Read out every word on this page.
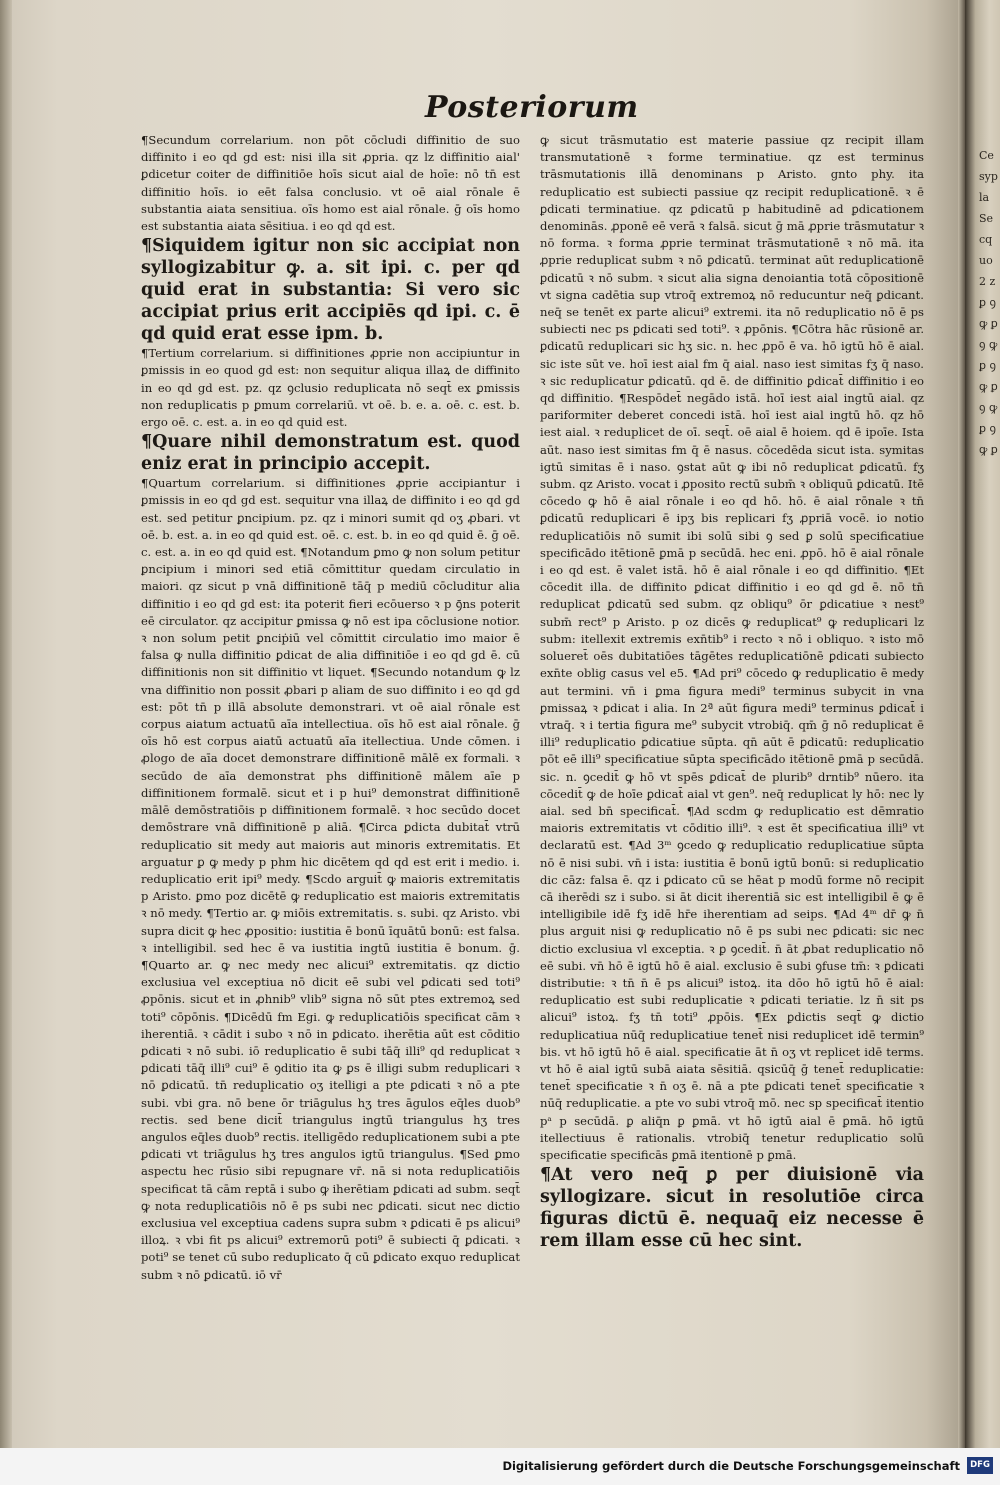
Posteriorum

¶Secundum correlarium. non pōt cōcludi diffinitio de suo diffinito i eo qd gd est: nisi illa sit ꝓpria. qz lz diffinitio aial' ꝑdicetur coiter de diffinitiōe hoīs sicut aial de hoīe: nō tn̄ est diffinitio hoīs. io eēt falsa conclusio. vt oē aial rōnale ē substantia aiata sensitiua. oīs homo est aial rōnale. ḡ oīs homo est substantia aiata sēsitiua. i eo qd qd est.

¶Siquidem igitur non sic accipiat non syllogizabitur ꝙ. a. sit ipi. c. per qd quid erat in substantia: Si vero sic accipiat prius erit accipiēs qd ipi. c. ē qd quid erat esse ipm. b.

¶Tertium correlarium. si diffinitiones ꝓprie non accipiuntur in ꝑmissis in eo quod gd est: non sequitur aliqua illaꝝ de diffinito in eo qd gd est. pz. qz ꝯclusio reduplicata nō seqt̄ ex ꝑmissis non reduplicatis p ꝑmum correlariū. vt oē. b. e. a. oē. c. est. b. ergo oē. c. est. a. in eo qd quid est.

¶Quare nihil demonstratum est. quod eniz erat in principio accepit.

¶Quartum correlarium. si diffinitiones ꝓprie accipiantur i ꝑmissis in eo qd gd est. sequitur vna illaꝝ de diffinito i eo qd gd est. sed petitur ꝑncipium. pz. qz i minori sumit qd oʒ ꝓbari. vt oē. b. est. a. in eo qd quid est. oē. c. est. b. in eo qd quid ē. ḡ oē. c. est. a. in eo qd quid est. ¶Notandum ꝑmo ꝙ non solum petitur ꝑncipium i minori sed etiā cōmittitur quedam circulatio in maiori. qz sicut p vnā diffinitionē tāq̄ p mediū cōcluditur alia diffinitio i eo qd gd est: ita poterit fieri ecōuerso ꝛ p ꝯ̄ns poterit eē circulator. qz accipitur ꝑmissa ꝙ nō est ipa cōclusione notior. ꝛ non solum petit ꝑnciṗiū vel cōmittit circulatio imo maior ē falsa ꝙ nulla diffinitio ꝑdicat de alia diffinitiōe i eo qd gd ē. cū diffinitionis non sit diffinitio vt liquet. ¶Secundo notandum ꝙ lz vna diffinitio non possit ꝓbari p aliam de suo diffinito i eo qd gd est: pōt tn̄ p illā absolute demonstrari. vt oē aial rōnale est corpus aiatum actuatū aīa intellectiua. oīs hō est aial rōnale. ḡ oīs hō est corpus aiatū actuatū aīa itellectiua. Unde cōmen. i ꝓlogo de aīa docet demonstrare diffinitionē mālē ex formali. ꝛ secūdo de aīa demonstrat phs diffinitionē mālem aīe p diffinitionem formalē. sicut et i p hui⁹ demonstrat diffinitionē mālē demōstratiōis p diffinitionem formalē. ꝛ hoc secūdo docet demōstrare vnā diffinitionē p aliā. ¶Circa ꝑdicta dubitat̄ vtrū reduplicatio sit medy aut maioris aut minoris extremitatis. Et arguatur ꝑ ꝙ medy p phm hic dicētem qd qd est erit i medio. i. reduplicatio erit ipi⁹ medy. ¶Scdo arguit̄ ꝙ maioris extremitatis p Aristo. ꝑmo poz dicētē ꝙ reduplicatio est maioris extremitatis ꝛ nō medy. ¶Tertio ar. ꝙ miōis extremitatis. s. subi. qz Aristo. vbi supra dicit ꝙ hec ꝓpositio: iustitia ē bonū īquātū bonū: est falsa. ꝛ intelligibil. sed hec ē va iustitia ingtū iustitia ē bonum. ḡ. ¶Quarto ar. ꝙ nec medy nec alicui⁹ extremitatis. qz dictio exclusiua vel exceptiua nō dicit eē subi vel ꝑdicati sed toti⁹ ꝓpōnis. sicut et in ꝓhnib⁹ vlib⁹ signa nō sūt ptes extremoꝝ sed toti⁹ cōpōnis. ¶Dicēdū fm Egi. ꝙ reduplicatiōis specificat cām ꝛ iherentiā. ꝛ cādit i subo ꝛ nō in ꝑdicato. iherētia aūt est cōditio ꝑdicati ꝛ nō subi. iō reduplicatio ē subi tāq̄ illi⁹ qd reduplicat ꝛ ꝑdicati tāq̄ illi⁹ cui⁹ ē ꝯditio ita ꝙ ꝑs ē illigi subm reduplicari ꝛ nō ꝑdicatū. tn̄ reduplicatio oʒ itelligi a pte ꝑdicati ꝛ nō a pte subi. vbi gra. nō bene ōr triāgulus hʒ tres āgulos eq̄les duob⁹ rectis. sed bene dicit̄ triangulus ingtū triangulus hʒ tres angulos eq̄les duob⁹ rectis. itelligēdo reduplicationem subi a pte ꝑdicati vt triāgulus hʒ tres angulos igtū triangulus. ¶Sed ꝑmo aspectu hec rūsio sibi repugnare vr̄. nā si nota reduplicatiōis specificat tā cām reptā i subo ꝙ iherētiam ꝑdicati ad subm. seqt̄ ꝙ nota reduplicatiōis nō ē ps subi nec ꝑdicati. sicut nec dictio exclusiua vel exceptiua cadens supra subm ꝛ ꝑdicati ē ps alicui⁹ illoꝝ. ꝛ vbi fit ps alicui⁹ extremorū poti⁹ ē subiecti q̄ ꝑdicati. ꝛ poti⁹ se tenet cū subo reduplicato q̄ cū ꝑdicato exquo reduplicat subm ꝛ nō ꝑdicatū. iō vr̄

ꝙ sicut trāsmutatio est materie passiue qz recipit illam transmutationē ꝛ forme terminatiue. qz est terminus trāsmutationis illā denominans p Aristo. gnto phy. ita reduplicatio est subiecti passiue qz recipit reduplicationē. ꝛ ē ꝑdicati terminatiue. qz ꝑdicatū p habitudinē ad ꝑdicationem denominās. ꝓponē eē verā ꝛ falsā. sicut ḡ mā ꝓprie trāsmutatur ꝛ nō forma. ꝛ forma ꝓprie terminat trāsmutationē ꝛ nō mā. ita ꝓprie reduplicat subm ꝛ nō ꝑdicatū. terminat aūt reduplicationē ꝑdicatū ꝛ nō subm. ꝛ sicut alia signa denoiantia totā cōpositionē vt signa cadētia sup vtroq̄ extremoꝝ nō reducuntur neq̄ ꝑdicant. neq̄ se tenēt ex parte alicui⁹ extremi. ita nō reduplicatio nō ē ps subiecti nec ps ꝑdicati sed toti⁹. ꝛ ꝓpōnis. ¶Cōtra hāc rūsionē ar. ꝑdicatū reduplicari sic hʒ sic. n. hec ꝓpō ē va. hō igtū hō ē aial. sic iste sūt ve. hoī iest aial fm q̄ aial. naso iest simitas fʒ q̄ naso. ꝛ sic reduplicatur ꝑdicatū. qd ē. de diffinitio ꝑdicat̄ diffinitio i eo qd diffinitio. ¶Respōdet̄ negādo istā. hoī iest aial ingtū aial. qz pariformiter deberet concedi istā. hoī iest aial ingtū hō. qz hō iest aial. ꝛ reduplicet de oī. seqt̄. oē aial ē hoiem. qd ē ipoīe. Ista aūt. naso iest simitas fm q̄ ē nasus. cōcedēda sicut ista. symitas igtū simitas ē i naso. ꝯstat aūt ꝙ ibi nō reduplicat ꝑdicatū. fʒ subm. qz Aristo. vocat i ꝓposito rectū subm̄ ꝛ obliquū ꝑdicatū. Itē cōcedo ꝙ hō ē aial rōnale i eo qd hō. hō. ē aial rōnale ꝛ tn̄ ꝑdicatū reduplicari ē ipʒ bis replicari fʒ ꝓpriā vocē. io notio reduplicatiōis nō sumit ibi solū sibi ꝯ sed ꝑ solū specificatiue specificādo itētionē ꝑmā p secūdā. hec eni. ꝓpō. hō ē aial rōnale i eo qd est. ē valet istā. hō ē aial rōnale i eo qd diffinitio. ¶Et cōcedit illa. de diffinito ꝑdicat diffinitio i eo qd gd ē. nō tn̄ reduplicat ꝑdicatū sed subm. qz obliqu⁹ ōr ꝑdicatiue ꝛ nest⁹ subm̄ rect⁹ p Aristo. p oz dicēs ꝙ reduplicat⁹ ꝙ reduplicari lz subm: itellexit extremis exn̄tib⁹ i recto ꝛ nō i obliquo. ꝛ isto mō solueret̄ oēs dubitatiōes tāgētes reduplicatiōnē ꝑdicati subiecto exn̄te oblig casus vel e5. ¶Ad pri⁹ cōcedo ꝙ reduplicatio ē medy aut termini. vn̄ i ꝑma figura medi⁹ terminus subycit in vna ꝑmissaꝝ ꝛ ꝑdicat i alia. In 2ª aūt figura medi⁹ terminus ꝑdicat̄ i vtraq̄. ꝛ i tertia figura me⁹ subycit vtrobiq̄. qm̄ ḡ nō reduplicat ē illi⁹ reduplicatio ꝑdicatiue sūpta. qn̄ aūt ē ꝑdicatū: reduplicatio pōt eē illi⁹ specificatiue sūpta specificādo itētionē ꝑmā p secūdā. sic. n. ꝯcedit̄ ꝙ hō vt spēs ꝑdicat̄ de plurib⁹ drntib⁹ nūero. ita cōcedit̄ ꝙ de hoīe ꝑdicat̄ aial vt gen⁹. neq̄ reduplicat ly hō: nec ly aial. sed bn̄ specificat̄. ¶Ad scdm ꝙ reduplicatio est dēmratio maioris extremitatis vt cōditio illi⁹. ꝛ est ēt specificatiua illi⁹ vt declaratū est. ¶Ad 3ᵐ ꝯcedo ꝙ reduplicatio reduplicatiue sūpta nō ē nisi subi. vn̄ i ista: iustitia ē bonū igtū bonū: si reduplicatio dic cāz: falsa ē. qz i ꝑdicato cū se hēat p modū forme nō recipit cā iherēdi sz i subo. si āt dicit iherentiā sic est intelligibil ē ꝙ ē intelligibile idē fʒ idē hr̄e iherentiam ad seips. ¶Ad 4ᵐ dr̄ ꝙ n̄ plus arguit nisi ꝙ reduplicatio nō ē ps subi nec ꝑdicati: sic nec dictio exclusiua vl exceptia. ꝛ ꝑ ꝯcedit̄. n̄ āt ꝓbat reduplicatio nō eē subi. vn̄ hō ē igtū hō ē aial. exclusio ē subi ꝯfuse tm̄: ꝛ ꝑdicati distributie: ꝛ tn̄ n̄ ē ps alicui⁹ istoꝝ. ita dōo hō igtū hō ē aial: reduplicatio est subi reduplicatie ꝛ ꝑdicati teriatie. lz n̄ sit ps alicui⁹ istoꝝ. fʒ tn̄ toti⁹ ꝓpōis. ¶Ex ꝑdictis seqt̄ ꝙ dictio reduplicatiua nūq̄ reduplicatiue tenet̄ nisi reduplicet idē termin⁹ bis. vt hō igtū hō ē aial. specificatie āt n̄ oʒ vt replicet idē terms. vt hō ē aial igtū subā aiata sēsitiā. qsicūq̄ ḡ tenet̄ reduplicatie: tenet̄ specificatie ꝛ n̄ oʒ ē. nā a pte ꝑdicati tenet̄ specificatie ꝛ nūq̄ reduplicatie. a pte vo subi vtroq̄ mō. nec sp specificat̄ itentio pᵃ p secūdā. ꝑ aliq̄n ꝑ ꝑmā. vt hō igtū aial ē ꝑmā. hō igtū itellectiuus ē rationalis. vtrobiq̄ tenetur reduplicatio solū specificatie specificās ꝑmā itentionē p ꝑmā.

¶At vero neq̄ ꝑ per diuisionē via syllogizare. sicut in resolutiōe circa figuras dictū ē. nequaq̄ eiz necesse ē rem illam esse cū hec sint.

Cesypla Secquo2 z ꝑ ꝯ ꝙ ꝑ ꝯ ꝙ ꝑ ꝯ ꝙ ꝑ ꝯ ꝙ ꝑ ꝯ ꝙ ꝑ
Digitalisierung gefördert durch die Deutsche Forschungsgemeinschaft	DFG
